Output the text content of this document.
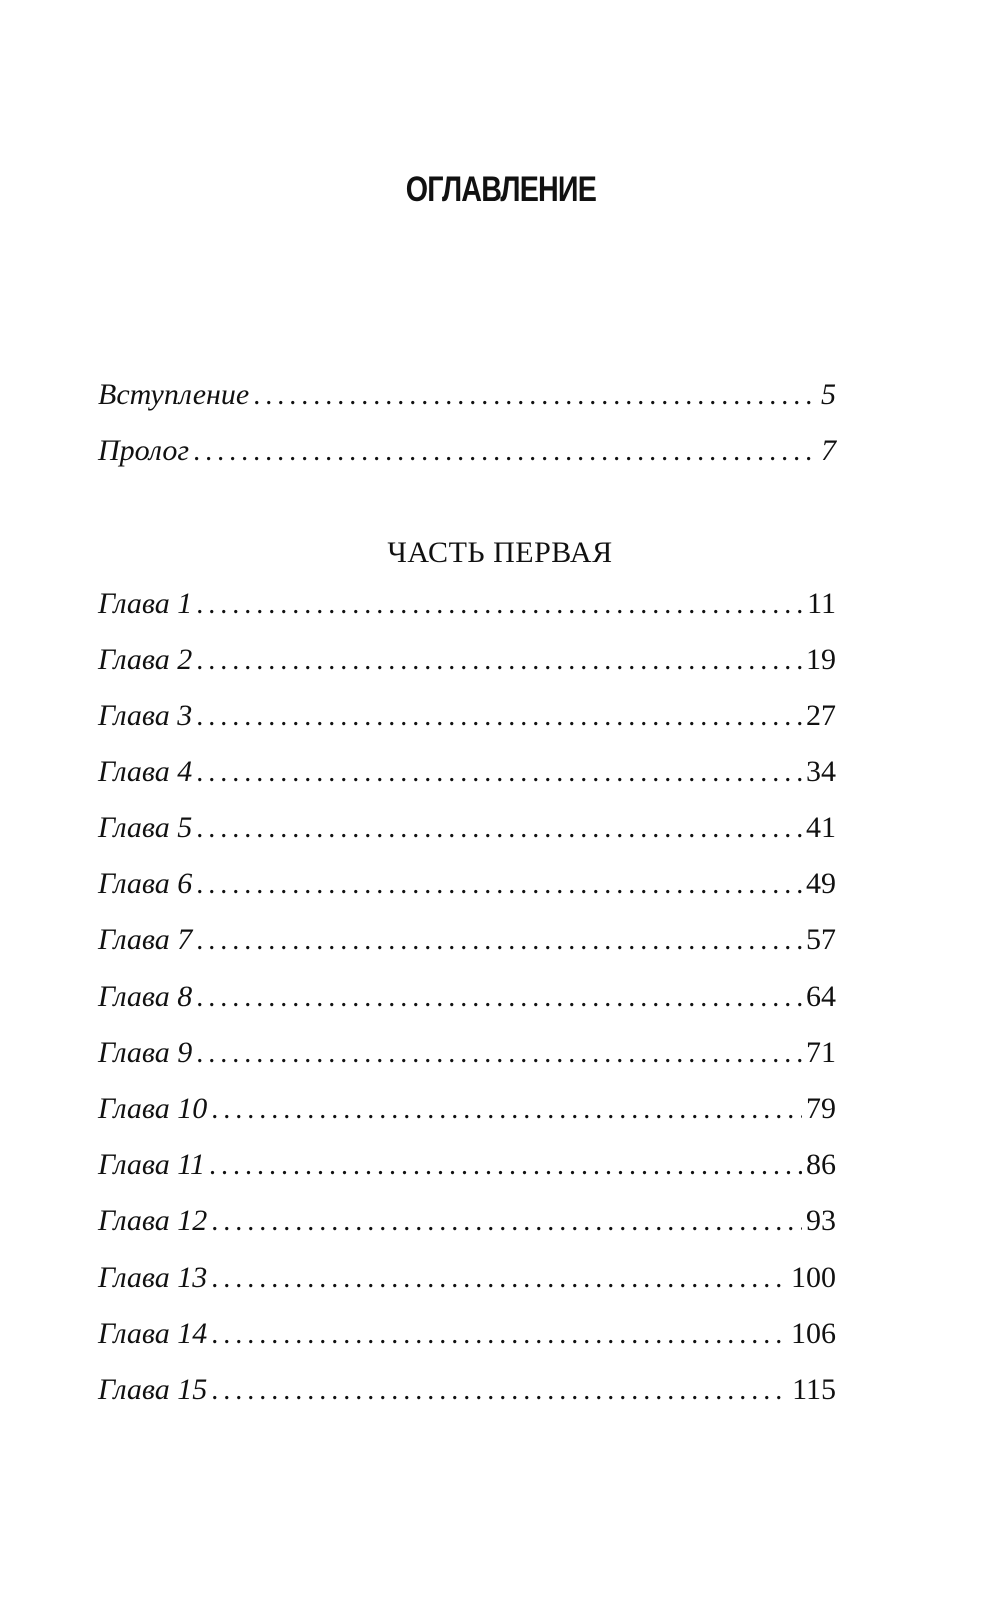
ОГЛАВЛЕНИЕ
Вступление . . .	5
Пролог . . .	7
Глава 1 . . .	11
Глава 2 . . .	19
Глава 3 . . .	27
Глава 4 . . .	34
Глава 5 . . .	41
Глава 6 . . .	49
Глава 7 . . .	57
Глава 8 . . .	64
Глава 9 . . .	71
Глава 10 . . .	79
Глава 11 . . .	86
Глава 12 . . .	93
Глава 13 . . .	100
Глава 14 . . .	106
Глава 15 . . .	115
ЧАСТЬ ПЕРВАЯ
